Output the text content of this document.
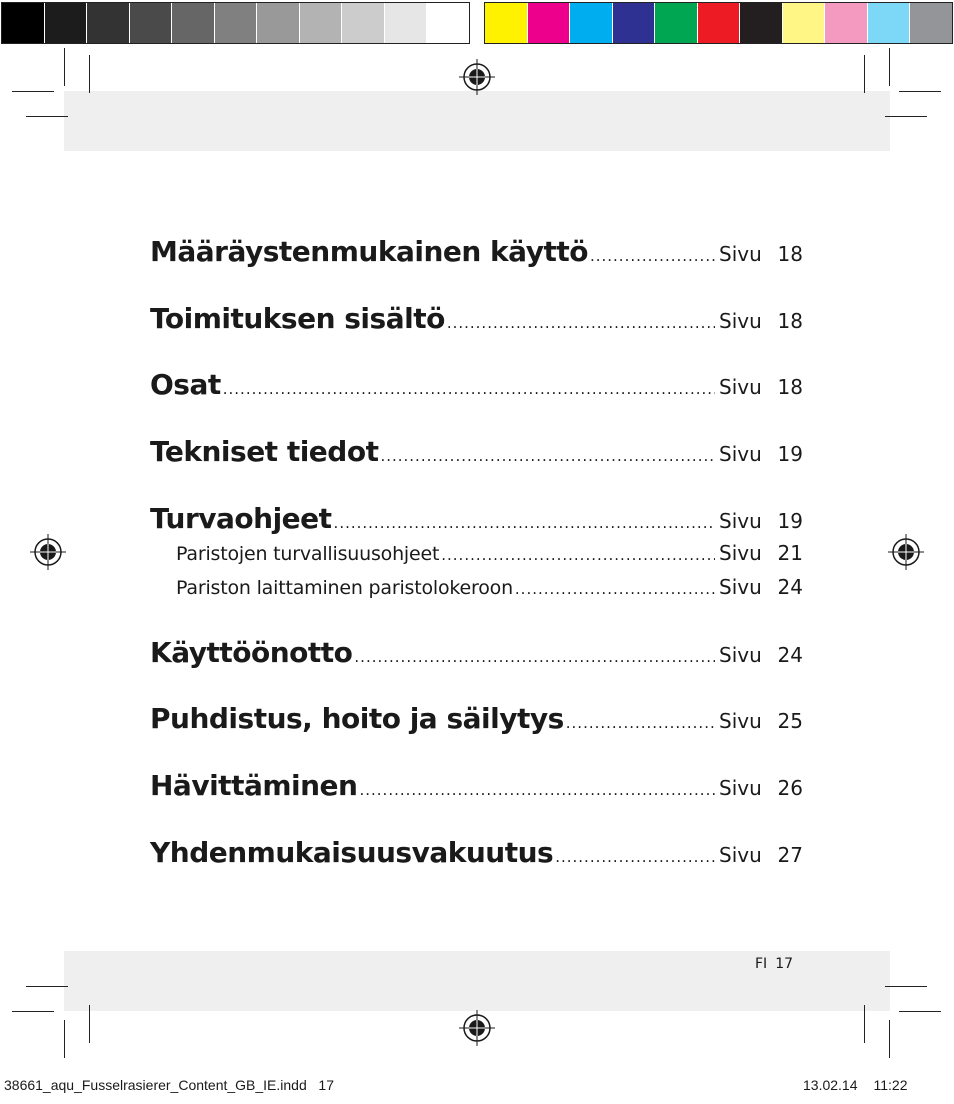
Määräystenmukainen käyttö .....	Sivu 18
Toimituksen sisältö .....	Sivu 18
Osat .....	Sivu 18
Tekniset tiedot .....	Sivu 19
Turvaohjeet .....	Sivu 19
Paristojen turvallisuusohjeet .....	Sivu 21
Pariston laittaminen paristolokeroon .....	Sivu 24
Käyttöönotto .....	Sivu 24
Puhdistus, hoito ja säilytys .....	Sivu 25
Hävittäminen .....	Sivu 26
Yhdenmukaisuusvakuutus .....	Sivu 27
FI 17
38661_aqu_Fusselrasierer_Content_GB_IE.indd   17	13.02.14 11:22
